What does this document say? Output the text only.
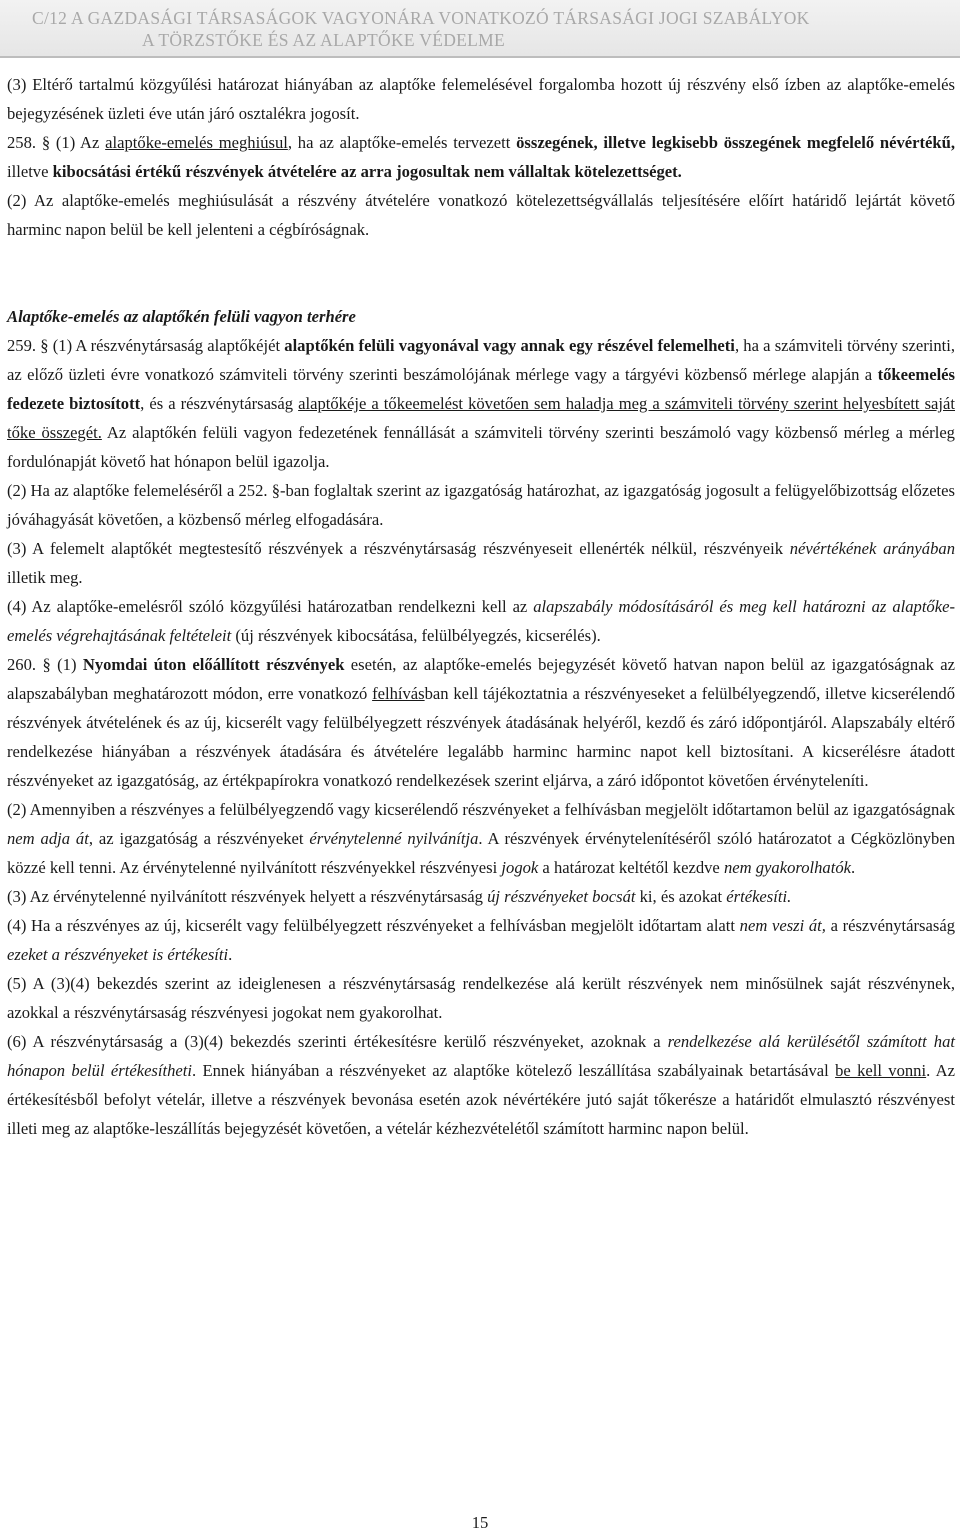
C/12 A GAZDASÁGI TÁRSASÁGOK VAGYONÁRA VONATKOZÓ TÁRSASÁGI JOGI SZABÁLYOK

A TÖRZSTŐKE ÉS AZ ALAPTŐKE VÉDELME

(3) Eltérő tartalmú közgyűlési határozat hiányában az alaptőke felemelésével forgalomba hozott új részvény első ízben az alaptőke-emelés bejegyzésének üzleti éve után járó osztalékra jogosít.

258. § (1) Az alaptőke-emelés meghiúsul, ha az alaptőke-emelés tervezett összegének, illetve legkisebb összegének megfelelő névértékű, illetve kibocsátási értékű részvények átvételére az arra jogosultak nem vállaltak kötelezettséget.

(2) Az alaptőke-emelés meghiúsulását a részvény átvételére vonatkozó kötelezettségvállalás teljesítésére előírt határidő lejártát követő harminc napon belül be kell jelenteni a cégbíróságnak.

Alaptőke-emelés az alaptőkén felüli vagyon terhére

259. § (1) A részvénytársaság alaptőkéjét alaptőkén felüli vagyonával vagy annak egy részével felemelheti, ha a számviteli törvény szerinti, az előző üzleti évre vonatkozó számviteli törvény szerinti beszámolójának mérlege vagy a tárgyévi közbenső mérlege alapján a tőkeemelés fedezete biztosított, és a részvénytársaság alaptőkéje a tőkeemelést követően sem haladja meg a számviteli törvény szerint helyesbített saját tőke összegét. Az alaptőkén felüli vagyon fedezetének fennállását a számviteli törvény szerinti beszámoló vagy közbenső mérleg a mérleg fordulónapját követő hat hónapon belül igazolja.

(2) Ha az alaptőke felemeléséről a 252. §-ban foglaltak szerint az igazgatóság határozhat, az igazgatóság jogosult a felügyelőbizottság előzetes jóváhagyását követően, a közbenső mérleg elfogadására.

(3) A felemelt alaptőkét megtestesítő részvények a részvénytársaság részvényeseit ellenérték nélkül, részvényeik névértékének arányában illetik meg.

(4) Az alaptőke-emelésről szóló közgyűlési határozatban rendelkezni kell az alapszabály módosításáról és meg kell határozni az alaptőke-emelés végrehajtásának feltételeit (új részvények kibocsátása, felülbélyegzés, kicserélés).

260. § (1) Nyomdai úton előállított részvények esetén, az alaptőke-emelés bejegyzését követő hatvan napon belül az igazgatóságnak az alapszabályban meghatározott módon, erre vonatkozó felhívásban kell tájékoztatnia a részvényeseket a felülbélyegzendő, illetve kicserélendő részvények átvételének és az új, kicserélt vagy felülbélyegzett részvények átadásának helyéről, kezdő és záró időpontjáról. Alapszabály eltérő rendelkezése hiányában a részvények átadására és átvételére legalább harminc harminc napot kell biztosítani. A kicserélésre átadott részvényeket az igazgatóság, az értékpapírokra vonatkozó rendelkezések szerint eljárva, a záró időpontot követően érvényteleníti.

(2) Amennyiben a részvényes a felülbélyegzendő vagy kicserélendő részvényeket a felhívásban megjelölt időtartamon belül az igazgatóságnak nem adja át, az igazgatóság a részvényeket érvénytelenné nyilvánítja. A részvények érvénytelenítéséről szóló határozatot a Cégközlönyben közzé kell tenni. Az érvénytelenné nyilvánított részvényekkel részvényesi jogok a határozat keltétől kezdve nem gyakorolhatók.

(3) Az érvénytelenné nyilvánított részvények helyett a részvénytársaság új részvényeket bocsát ki, és azokat értékesíti.

(4) Ha a részvényes az új, kicserélt vagy felülbélyegzett részvényeket a felhívásban megjelölt időtartam alatt nem veszi át, a részvénytársaság ezeket a részvényeket is értékesíti.

(5) A (3)(4) bekezdés szerint az ideiglenesen a részvénytársaság rendelkezése alá került részvények nem minősülnek saját részvénynek, azokkal a részvénytársaság részvényesi jogokat nem gyakorolhat.

(6) A részvénytársaság a (3)(4) bekezdés szerinti értékesítésre kerülő részvényeket, azoknak a rendelkezése alá kerülésétől számított hat hónapon belül értékesítheti. Ennek hiányában a részvényeket az alaptőke kötelező leszállítása szabályainak betartásával be kell vonni. Az értékesítésből befolyt vételár, illetve a részvények bevonása esetén azok névértékére jutó saját tőkerésze a határidőt elmulasztó részvényest illeti meg az alaptőke-leszállítás bejegyzését követően, a vételár kézhezvételétől számított harminc napon belül.

15
